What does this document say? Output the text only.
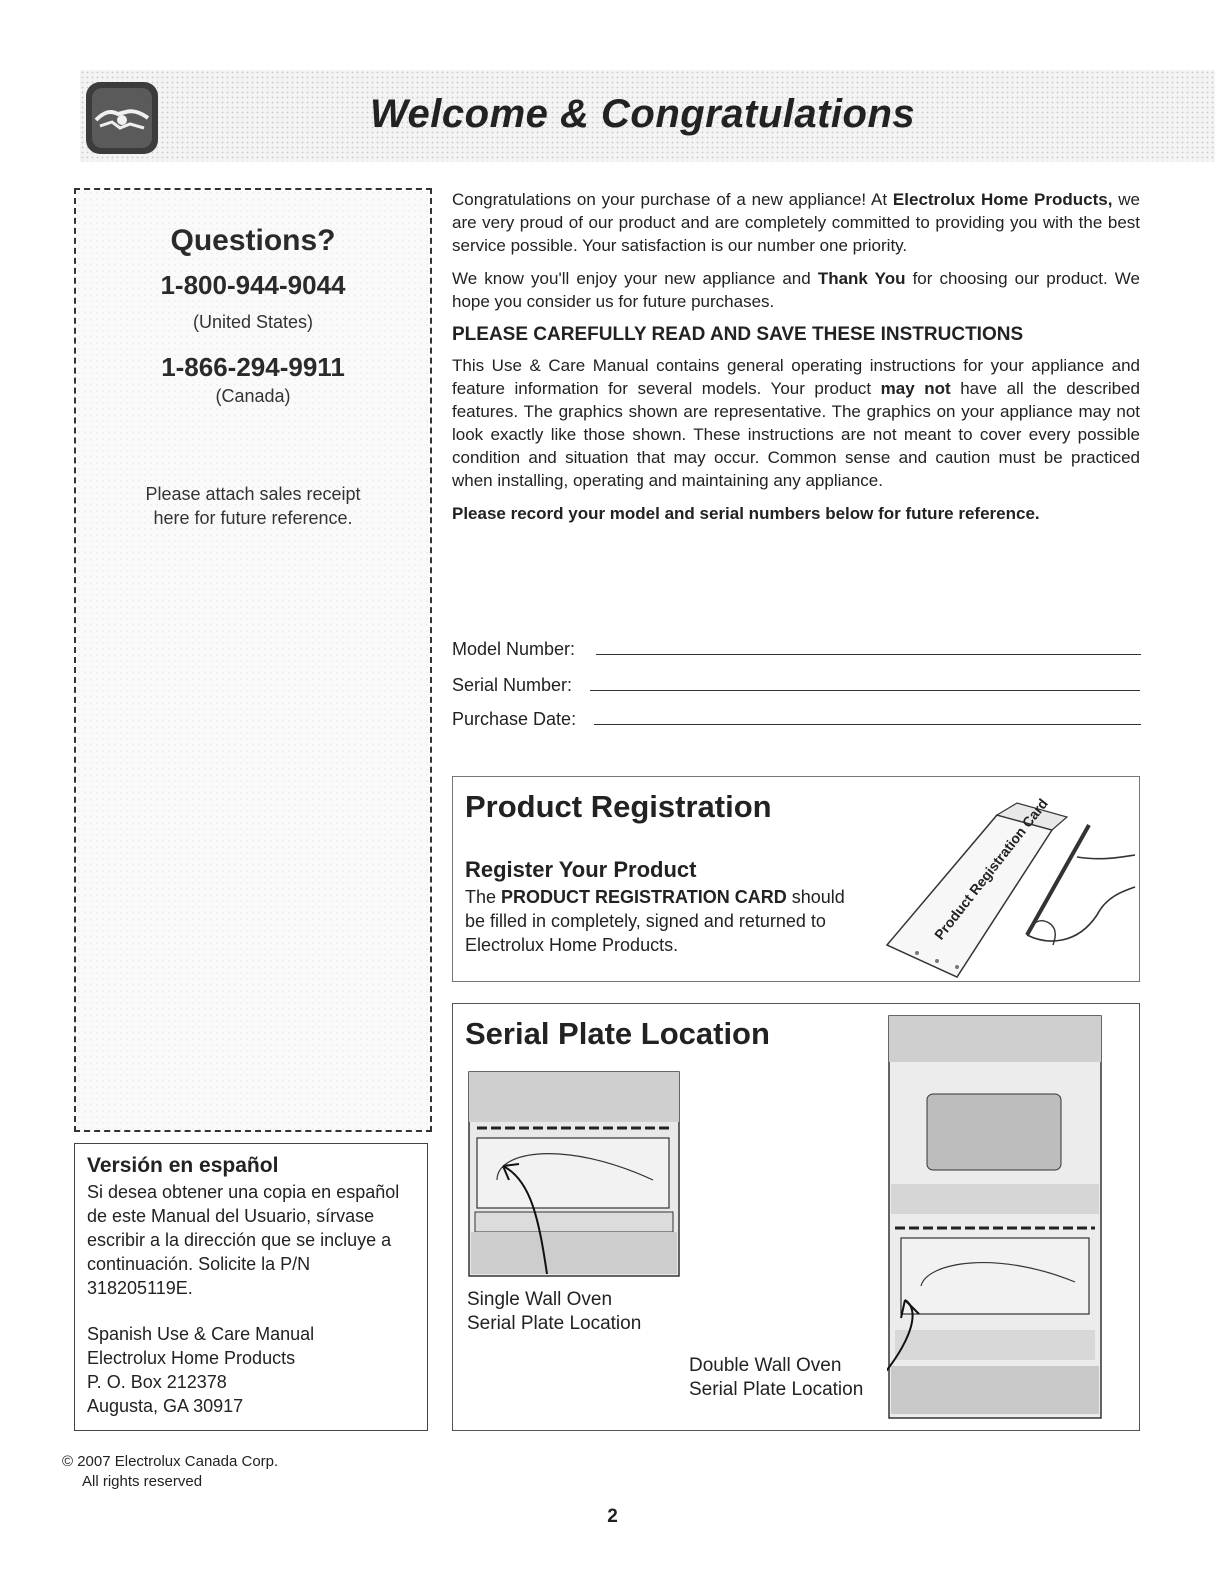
Welcome & Congratulations
Questions?
1-800-944-9044
(United States)
1-866-294-9911
(Canada)
Please attach sales receipt
here for future reference.
Versión en español
Si desea obtener una copia en español de este Manual del Usuario, sírvase escribir a la dirección que se incluye a continuación. Solicite la P/N 318205119E.
Spanish Use & Care Manual
Electrolux Home Products
P. O. Box 212378
Augusta, GA 30917

Congratulations on your purchase of a new appliance! At Electrolux Home Products, we are very proud of our product and are completely committed to providing you with the best service possible. Your satisfaction is our number one priority.

We know you'll enjoy your new appliance and Thank You for choosing our product. We hope you consider us for future purchases.

PLEASE CAREFULLY READ AND SAVE THESE INSTRUCTIONS

This Use & Care Manual contains general operating instructions for your appliance and feature information for several models. Your product may not have all the described features. The graphics shown are representative. The graphics on your appliance may not look exactly like those shown. These instructions are not meant to cover every possible condition and situation that may occur. Common sense and caution must be practiced when installing, operating and maintaining any appliance.

Please record your model and serial numbers below for future reference.

Model Number:
Serial Number:
Purchase Date:
Product Registration
Register Your Product
The PRODUCT REGISTRATION CARD should be filled in completely, signed and returned to Electrolux Home Products.
Product Registration Card
Serial Plate Location
Single Wall Oven
Serial Plate Location
Double Wall Oven
Serial Plate Location
© 2007 Electrolux Canada Corp.
All rights reserved
2
